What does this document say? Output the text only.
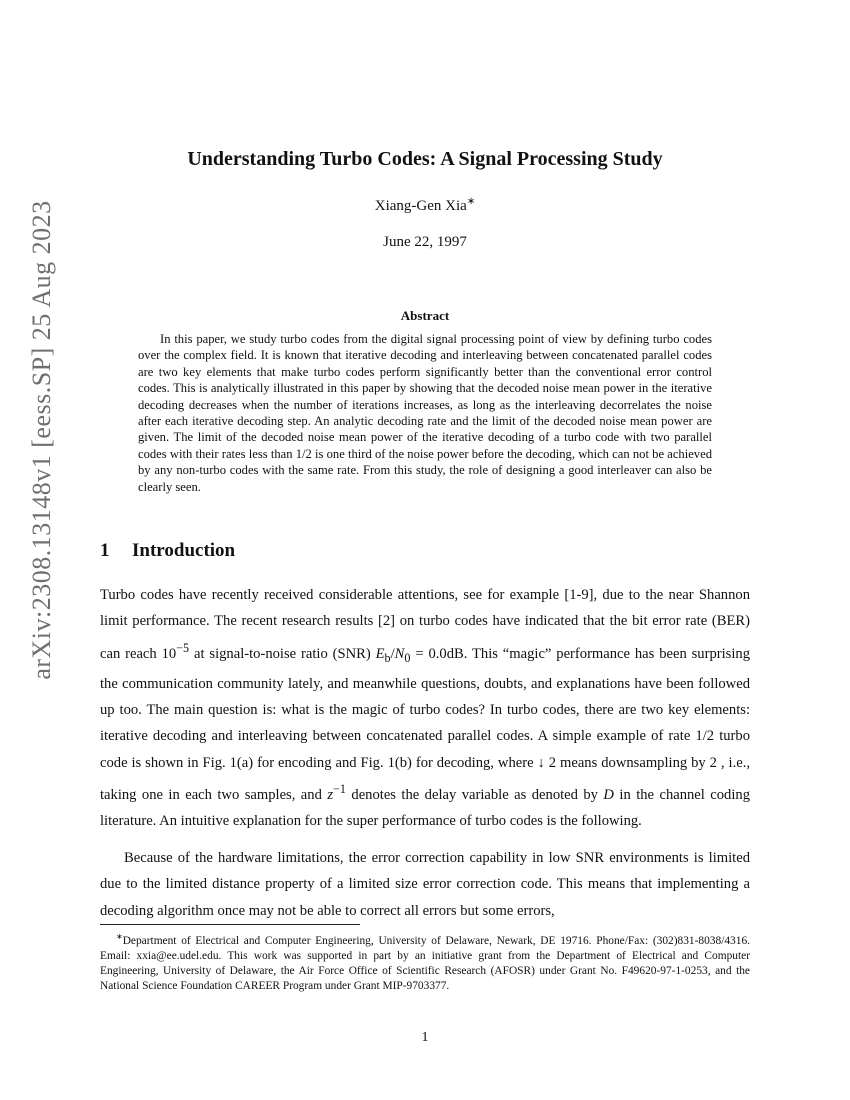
arXiv:2308.13148v1 [eess.SP] 25 Aug 2023
Understanding Turbo Codes: A Signal Processing Study
Xiang-Gen Xia∗
June 22, 1997
Abstract

In this paper, we study turbo codes from the digital signal processing point of view by defining turbo codes over the complex field. It is known that iterative decoding and interleaving between concatenated parallel codes are two key elements that make turbo codes perform significantly better than the conventional error control codes. This is analytically illustrated in this paper by showing that the decoded noise mean power in the iterative decoding decreases when the number of iterations increases, as long as the interleaving decorrelates the noise after each iterative decoding step. An analytic decoding rate and the limit of the decoded noise mean power are given. The limit of the decoded noise mean power of the iterative decoding of a turbo code with two parallel codes with their rates less than 1/2 is one third of the noise power before the decoding, which can not be achieved by any non-turbo codes with the same rate. From this study, the role of designing a good interleaver can also be clearly seen.

1 Introduction

Turbo codes have recently received considerable attentions, see for example [1-9], due to the near Shannon limit performance. The recent research results [2] on turbo codes have indicated that the bit error rate (BER) can reach $10^{-5}$ at signal-to-noise ratio (SNR) $E_b/N_0 = 0.0dB$. This “magic” performance has been surprising the communication community lately, and meanwhile questions, doubts, and explanations have been followed up too. The main question is: what is the magic of turbo codes? In turbo codes, there are two key elements: iterative decoding and interleaving between concatenated parallel codes. A simple example of rate 1/2 turbo code is shown in Fig. 1(a) for encoding and Fig. 1(b) for decoding, where ↓ 2 means downsampling by 2 , i.e., taking one in each two samples, and $z^{-1}$ denotes the delay variable as denoted by D in the channel coding literature. An intuitive explanation for the super performance of turbo codes is the following.

Because of the hardware limitations, the error correction capability in low SNR environments is limited due to the limited distance property of a limited size error correction code. This means that implementing a decoding algorithm once may not be able to correct all errors but some errors,

∗Department of Electrical and Computer Engineering, University of Delaware, Newark, DE 19716. Phone/Fax: (302)831-8038/4316. Email: xxia@ee.udel.edu. This work was supported in part by an initiative grant from the Department of Electrical and Computer Engineering, University of Delaware, the Air Force Office of Scientific Research (AFOSR) under Grant No. F49620-97-1-0253, and the National Science Foundation CAREER Program under Grant MIP-9703377.

1
